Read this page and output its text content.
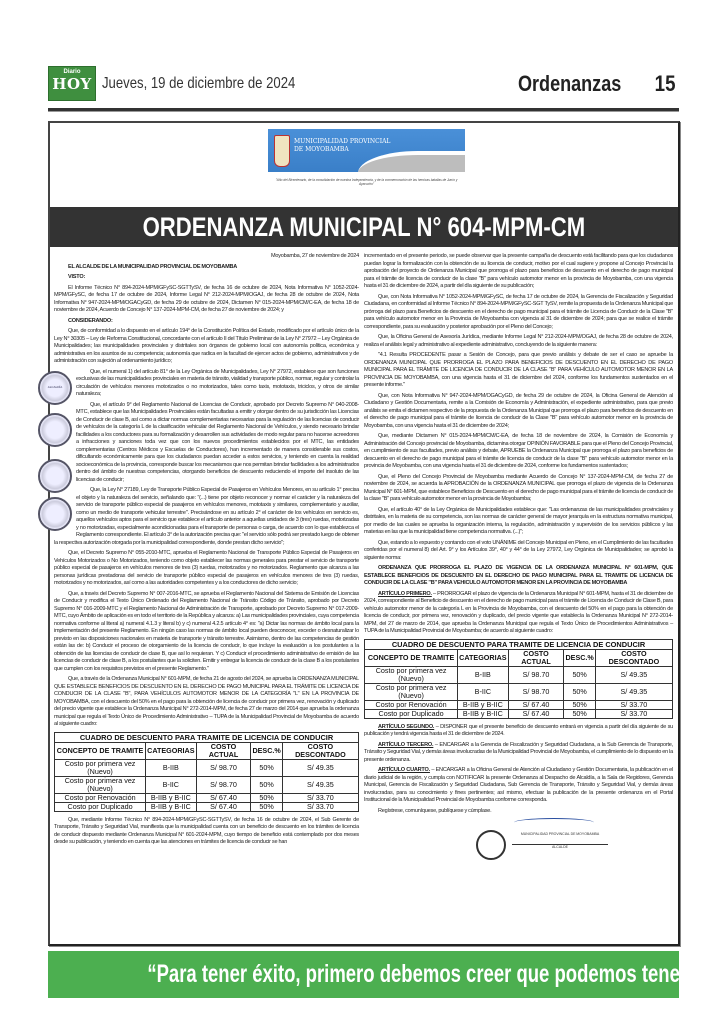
Diario
HOY Jueves, 19 de diciembre de 2024	Ordenanzas 15
MUNICIPALIDAD PROVINCIAL
DE MOYOBAMBA
"Año del Bicentenario, de la consolidación de nuestra Independencia, y de la conmemoración de las heroicas batallas de Junín y Ayacucho"
ORDENANZA MUNICIPAL N° 604-MPM-CM

Moyobamba, 27 de noviembre de 2024

EL ALCALDE DE LA MUNICIPALIDAD PROVINCIAL DE MOYOBAMBA

VISTO:

El Informe Técnico N° 894-2024-MPM/GFySC-SGTTySV, de fecha 16 de octubre de 2024, Nota Informativa N° 1052-2024-MPM/GFySC, de fecha 17 de octubre de 2024, Informe Legal N° 212-2024-MPM/OGAJ, de fecha 28 de octubre de 2024, Nota Informativa N° 947-2024-MPM/OGACyGD, de fecha 29 de octubre de 2024, Dictamen N° 015-2024-MPM/CM/C-EA, de fecha 18 de noviembre de 2024, Acuerdo de Concejo N° 137-2024-MPM-CM, de fecha 27 de noviembre de 2024; y

CONSIDERANDO:

Que, de conformidad a lo dispuesto en el artículo 194° de la Constitución Política del Estado, modificado por el artículo único de la Ley N° 30305 – Ley de Reforma Constitucional, concordante con el artículo II del Título Preliminar de la Ley N° 27972 – Ley Orgánica de Municipalidades; las municipalidades provinciales y distritales son órganos de gobierno local con autonomía política, económica y administrativa en los asuntos de su competencia; autonomía que radica en la facultad de ejercer actos de gobierno, administrativos y de administración con sujeción al ordenamiento jurídico;

ALCALDÍA

Que, el numeral 1) del artículo 81° de la Ley Orgánica de Municipalidades, Ley N° 27972, establece que son funciones exclusivas de las municipalidades provinciales en materia de tránsito, vialidad y transporte público, normar, regular y controlar la circulación de vehículos menores motorizados o no motorizados, tales como taxis, mototaxis, triciclos, y otros de similar naturaleza;

Que, el artículo 9° del Reglamento Nacional de Licencias de Conducir, aprobado por Decreto Supremo N° 040-2008-MTC, establece que las Municipalidades Provinciales están facultadas a emitir y otorgar dentro de su jurisdicción las Licencias de Conducir de clase B, así como a dictar normas complementarias necesarias para la regulación de las licencias de conducir de vehículos de la categoría L de la clasificación vehicular del Reglamento Nacional de Vehículos, y siendo necesario brindar facilidades a los conductores para su formalización y desarrollen sus actividades de modo regular para no hacerse acreedores a infracciones y sanciones toda vez que con los nuevos procedimientos establecidos por el MTC, las entidades complementarias (Centros Médicos y Escuelas de Conductores), han incrementado de manera considerable sus costos, dificultando económicamente para que los ciudadanos puedan acceder a estos servicios, y teniendo en cuenta la realidad socioeconómica de la provincia, corresponde buscar los mecanismos que nos permitan brindar facilidades a los administrados dentro del ámbito de nuestras competencias, otorgando beneficios de descuento reduciendo el importe del insoluto de las licencias de conducir;

Que, la Ley N° 27189, Ley de Transporte Público Especial de Pasajeros en Vehículos Menores, en su artículo 1° precisa el objeto y la naturaleza del servicio, señalando que: "(...) tiene por objeto reconocer y normar el carácter y la naturaleza del servicio de transporte público especial de pasajeros en vehículos menores, mototaxis y similares, complementario y auxiliar, como un medio de transporte vehicular terrestre". Precisándose en su artículo 2° el carácter de los vehículos en servicio es, aquellos vehículos aptos para el servicio que establece el artículo anterior a aquellas unidades de 3 (tres) ruedas, motorizadas y no motorizadas, especialmente acondicionadas para el transporte de personas o carga, de acuerdo con lo que establezca el Reglamento correspondiente. El artículo 3° de la autorización precisa que: "el servicio sólo podrá ser prestado luego de obtener la respectiva autorización otorgada por la municipalidad correspondiente, donde prestan dicho servicio";

Que, el Decreto Supremo N° 055-2010-MTC, aprueba el Reglamento Nacional de Transporte Público Especial de Pasajeros en Vehículos Motorizados o No Motorizados, teniendo como objeto establecer las normas generales para prestar el servicio de transporte público especial de pasajeros en vehículos menores de tres (3) ruedas, motorizados y no motorizados. Reglamento que alcanza a las personas jurídicas prestadoras del servicio de transporte público especial de pasajeros en vehículos menores de tres (3) ruedas, motorizados y no motorizados, así como a las autoridades competentes y a los conductores de dicho servicio;

Que, a través del Decreto Supremo N° 007-2016-MTC, se aprueba el Reglamento Nacional del Sistema de Emisión de Licencias de Conducir y modifica el Texto Único Ordenado del Reglamento Nacional de Tránsito Código de Tránsito, aprobado por Decreto Supremo N° 016-2009-MTC y el Reglamento Nacional de Administración de Transporte, aprobado por Decreto Supremo N° 017-2009-MTC, cuyo Ámbito de aplicación es en todo el territorio de la República y alcanza: a) Las municipalidades provinciales, cuya competencia normativa conforme al literal a) numeral 4.1.3 y literal b) y c) numeral 4.2.5 artículo 4° es: "a) Dictar las normas de ámbito local para la implementación del presente Reglamento. En ningún caso las normas de ámbito local pueden desconocer, exceder o desnaturalizar lo previsto en las disposiciones nacionales en materia de transporte y tránsito terrestre. Asimismo, dentro de las competencias de gestión están las de: b) Conducir el proceso de otorgamiento de la licencia de conducir, lo que incluye la evaluación a los postulantes a la obtención de las licencias de conducir de clase B, que así lo requieran. Y c) Conducir el procedimiento administrativo de emisión de las licencias de conducir de clase B, a los postulantes que la soliciten. Emitir y entregar la licencia de conducir de la clase B a los postulantes que cumplen con los requisitos previstos en el presente Reglamento."

Que, a través de la Ordenanza Municipal N° 601-MPM, de fecha 21 de agosto del 2024, se aprueba la ORDENANZA MUNICIPAL QUE ESTABLECE BENEFICIOS DE DESCUENTO EN EL DERECHO DE PAGO MUNICIPAL PARA EL TRÁMITE DE LICENCIA DE CONDUCIR DE LA CLASE "B", PARA VEHÍCULOS AUTOMOTOR MENOR DE LA CATEGORÍA "L" EN LA PROVINCIA DE MOYOBAMBA, con el descuento del 50% en el pago para la obtención de licencia de conducir por primera vez, renovación y duplicado del precio vigente que establece la Ordenanza Municipal N° 272-2014-MPM, de fecha 27 de marzo del 2014 que aprueba la ordenanza municipal que regula el Texto Único de Procedimiento Administrativo – TUPA de la Municipalidad Provincial de Moyobamba de acuerdo al siguiente cuadro:

CUADRO DE DESCUENTO PARA TRAMITE DE LICENCIA DE CONDUCIR
CONCEPTO DE TRAMITE	CATEGORIAS	COSTO ACTUAL	DESC.%	COSTO DESCONTADO
Costo por primera vez (Nuevo)	B-IIB	S/ 98.70	50%	S/ 49.35
Costo por primera vez (Nuevo)	B-IIC	S/ 98.70	50%	S/ 49.35
Costo por Renovación	B-IIB y B-IIC	S/ 67.40	50%	S/ 33.70
Costo por Duplicado	B-IIB y B-IIC	S/ 67.40	50%	S/ 33.70

Que, mediante Informe Técnico N° 894-2024-MPM/GFySC-SGTTySV, de fecha 16 de octubre de 2024, el Sub Gerente de Transporte, Tránsito y Seguridad Vial, manifiesta que la municipalidad cuenta con un beneficio de descuento en los trámites de licencia de conducir dispuesto mediante Ordenanza Municipal N° 601-2024-MPM, cuyo tiempo de beneficio está contemplado por dos meses desde su publicación, y teniendo en cuenta que las atenciones en trámites de licencia de conducir se han

incrementado en el presente periodo, se puede observar que la presente campaña de descuento está facilitando para que los ciudadanos puedan lograr la formalización con la obtención de su licencia de conducir, motivo por el cual sugiere y propone al Concejo Provincial la aprobación del proyecto de Ordenanza Municipal que prorroga el plazo para beneficios de descuento en el derecho de pago municipal para el trámite de licencia de conducir de la clase "B" para vehículo automotor menor en la provincia de Moyobamba, con una vigencia hasta el 31 de diciembre de 2024, a partir del día siguiente de su publicación;

Que, con Nota Informativa N° 1052-2024-MPM/GFySC, de fecha 17 de octubre de 2024, la Gerencia de Fiscalización y Seguridad Ciudadana, en conformidad al Informe Técnico N° 894-2024-MPM/GFySC-SGT TySV, remite la propuesta de la Ordenanza Municipal que prórroga del plazo para Beneficios de descuento en el derecho de pago municipal para el trámite de Licencia de Conducir de la Clase "B" para vehículo automotor menor en la Provincia de Moyobamba con vigencia al 31 de diciembre de 2024; para que se realice el trámite correspondiente, para su evaluación y posterior aprobación por el Pleno del Concejo;

Que, la Oficina General de Asesoría Jurídica, mediante Informe Legal N° 212-2024-MPM/OGAJ, de fecha 28 de octubre de 2024, realiza el análisis legal y administrativo al expediente administrativo, concluyendo de la siguiente manera:

"4.1 Resulta PROCEDENTE pasar a Sesión de Concejo, para que previo análisis y debate de ser el caso se apruebe la ORDENANZA MUNICIPAL QUE PRORROGA EL PLAZO PARA BENEFICIOS DE DESCUENTO EN EL DERECHO DE PAGO MUNICIPAL PARA EL TRÁMITE DE LICENCIA DE CONDUCIR DE LA CLASE "B" PARA VEHÍCULO AUTOMOTOR MENOR EN LA PROVINCIA DE MOYOBAMBA, con una vigencia hasta el 31 de diciembre del 2024, conforme los fundamentos sustentados en el presente informe."

Que, con Nota Informativa N° 947-2024-MPM/OGACyGD, de fecha 29 de octubre de 2024, la Oficina General de Atención al Ciudadano y Gestión Documentaria, remite a la Comisión de Economía y Administración, el expediente administrativo, para que previo análisis se emita el dictamen respectivo de la propuesta de la Ordenanza Municipal que prorroga el plazo para beneficios de descuento en el derecho de pago municipal para el trámite de licencia de conducir de la Clase "B" para vehículo automotor menor en la provincia de Moyobamba, con una vigencia hasta el 31 de diciembre de 2024;

Que, mediante Dictamen N° 015-2024-MPM/CM/C-EA, de fecha 18 de noviembre de 2024, la Comisión de Economía y Administración del Concejo provincial de Moyobamba, dictamina otorgar OPINIÓN FAVORABLE para que el Pleno del Concejo Provincial, en cumplimiento de sus facultades, previo análisis y debate, APRUEBE la Ordenanza Municipal que prorroga el plazo para beneficios de descuento en el derecho de pago municipal para el trámite de licencia de conducir de la clase "B" para vehículo automotor menor en la provincia de Moyobamba, con una vigencia hasta el 31 de diciembre de 2024, conforme los fundamentos sustentados;

Que, el Pleno del Concejo Provincial de Moyobamba mediante Acuerdo de Concejo N° 137-2024-MPM-CM, de fecha 27 de noviembre de 2024, se acuerda la APROBACIÓN de la ORDENANZA MUNICIPAL que prorroga el plazo de vigencia de la Ordenanza Municipal N° 601-MPM, que establece Beneficios de Descuento en el derecho de pago municipal para el trámite de licencia de conducir de la clase "B" para vehículo automotor menor en la provincia de Moyobamba;

Que, el artículo 40° de la Ley Orgánica de Municipalidades establece que: "Las ordenanzas de las municipalidades provinciales y distritales, en la materia de su competencia, son las normas de carácter general de mayor jerarquía en la estructura normativa municipal, por medio de las cuales se aprueba la organización interna, la regulación, administración y supervisión de los servicios públicos y las materias en las que la municipalidad tiene competencia normativa. (...)";

Que, estando a lo expuesto y contando con el voto UNÁNIME del Concejo Municipal en Pleno, en el Cumplimiento de las facultades conferidas por el numeral 8) del Art. 9° y los Artículos 39°, 40° y 44° de la Ley 27972, Ley Orgánica de Municipalidades; se aprobó la siguiente norma:

ORDENANZA QUE PRORROGA EL PLAZO DE VIGENCIA DE LA ORDENANZA MUNICIPAL N° 601-MPM, QUE ESTABLECE BENEFICIOS DE DESCUENTO EN EL DERECHO DE PAGO MUNICIPAL PARA EL TRAMITE DE LICENCIA DE CONDUCIR DE LA CLASE "B" PARA VEHICULO AUTOMOTOR MENOR EN LA PROVINCIA DE MOYOBAMBA

ARTÍCULO PRIMERO. – PRORROGAR el plazo de vigencia de la Ordenanza Municipal N° 601-MPM, hasta el 31 de diciembre de 2024, correspondiente al Beneficio de descuento en el derecho de pago municipal para el trámite de Licencia de Conducir de Clase B, para vehículo automotor menor de la categoría L en la Provincia de Moyobamba, con el descuento del 50% en el pago para la obtención de licencia de conducir, por primera vez, renovación y duplicado, del precio vigente que establecía la Ordenanza Municipal N° 272-2014-MPM, del 27 de marzo de 2014, que aprueba la Ordenanza Municipal que regula el Texto Único de Procedimientos Administrativos – TUPA de la Municipalidad Provincial de Moyobamba; de acuerdo al siguiente cuadro:

CUADRO DE DESCUENTO PARA TRAMITE DE LICENCIA DE CONDUCIR
CONCEPTO DE TRAMITE	CATEGORIAS	COSTO ACTUAL	DESC.%	COSTO DESCONTADO
Costo por primera vez (Nuevo)	B-IIB	S/ 98.70	50%	S/ 49.35
Costo por primera vez (Nuevo)	B-IIC	S/ 98.70	50%	S/ 49.35
Costo por Renovación	B-IIB y B-IIC	S/ 67.40	50%	S/ 33.70
Costo por Duplicado	B-IIB y B-IIC	S/ 67.40	50%	S/ 33.70

ARTÍCULO SEGUNDO. – DISPONER que el presente beneficio de descuento entrará en vigencia a partir del día siguiente de su publicación y tendrá vigencia hasta el 31 de diciembre de 2024.

ARTÍCULO TERCERO. – ENCARGAR a la Gerencia de Fiscalización y Seguridad Ciudadana, a la Sub Gerencia de Transporte, Tránsito y Seguridad Vial, y demás áreas involucradas de la Municipalidad Provincial de Moyobamba, el cumplimiento de lo dispuesto en la presente ordenanza.

ARTÍCULO CUARTO. – ENCARGAR a la Oficina General de Atención al Ciudadano y Gestión Documentaria, la publicación en el diario judicial de la región, y cumpla con NOTIFICAR la presente Ordenanza al Despacho de Alcaldía, a la Sala de Regidores, Gerencia Municipal, Gerencia de Fiscalización y Seguridad Ciudadana, Sub Gerencia de Transporte, Tránsito y Seguridad Vial, y demás áreas involucradas, para su conocimiento y fines pertinentes; así mismo, efectuar la publicación de la presente ordenanza en el Portal Institucional de la Municipalidad Provincial de Moyobamba conforme corresponda.

Regístrese, comuníquese, publíquese y cúmplase.

MUNICIPALIDAD PROVINCIAL DE MOYOBAMBA
ALCALDE
“Para tener éxito, primero debemos creer que podemos tenerlo”
